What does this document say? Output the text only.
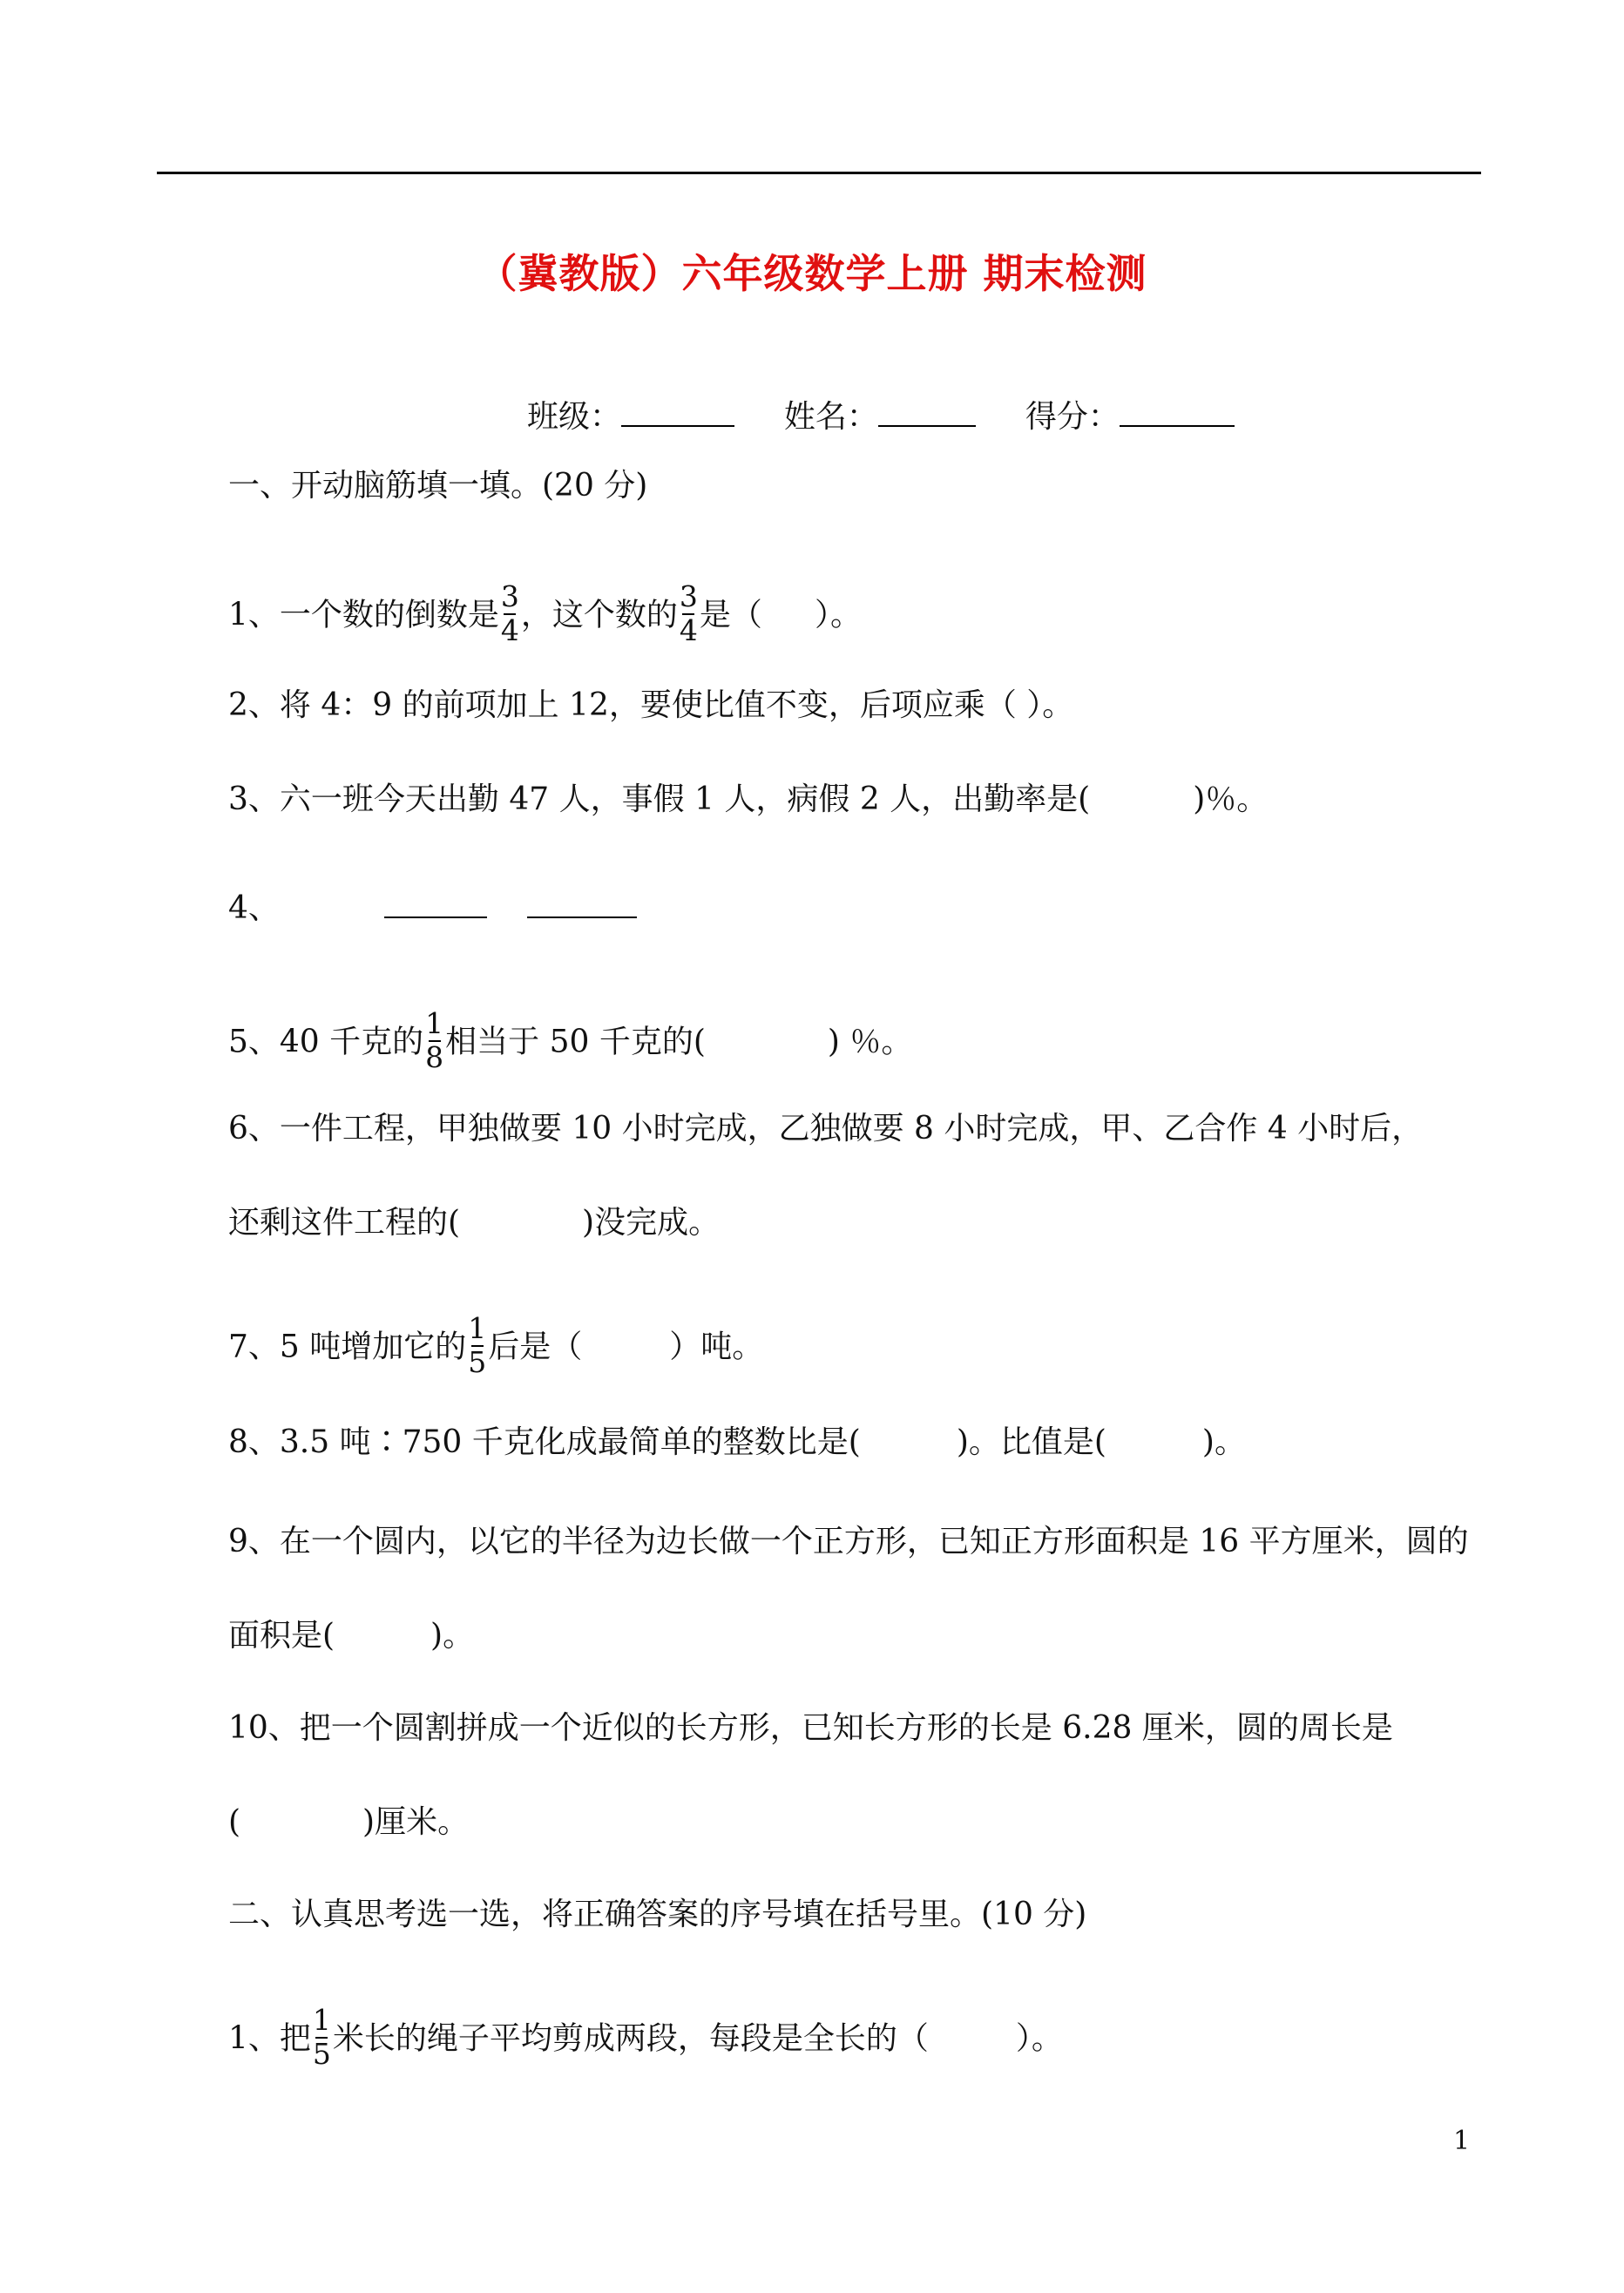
（冀教版）六年级数学上册 期末检测
班级：	姓名：	得分：
一、开动脑筋填一填。(20 分)
1、一个数的倒数是 $\frac{3}{4}$ ，这个数的 $\frac{3}{4}$ 是（ ）。
2、将 4：9 的前项加上 12，要使比值不变，后项应乘（ ）。
3、六一班今天出勤 47 人，事假 1 人，病假 2 人，出勤率是(	)％。
4、
5、40 千克的 $\frac{1}{8}$ 相当于 50 千克的(	) ％。
6、一件工程，甲独做要 10 小时完成，乙独做要 8 小时完成，甲、乙合作 4 小时后，
还剩这件工程的(	)没完成。
7、5 吨增加它的 $\frac{1}{5}$ 后是（	）吨。
8、3.5 吨∶750 千克化成最简单的整数比是(	)。比值是(	)。
9、在一个圆内，以它的半径为边长做一个正方形，已知正方形面积是 16 平方厘米，圆的
面积是(	)。
10、把一个圆割拼成一个近似的长方形，已知长方形的长是 6.28 厘米，圆的周长是
(	)厘米。
二、认真思考选一选，将正确答案的序号填在括号里。(10 分)
1、把 $\frac{1}{5}$ 米长的绳子平均剪成两段，每段是全长的（	）。
1
